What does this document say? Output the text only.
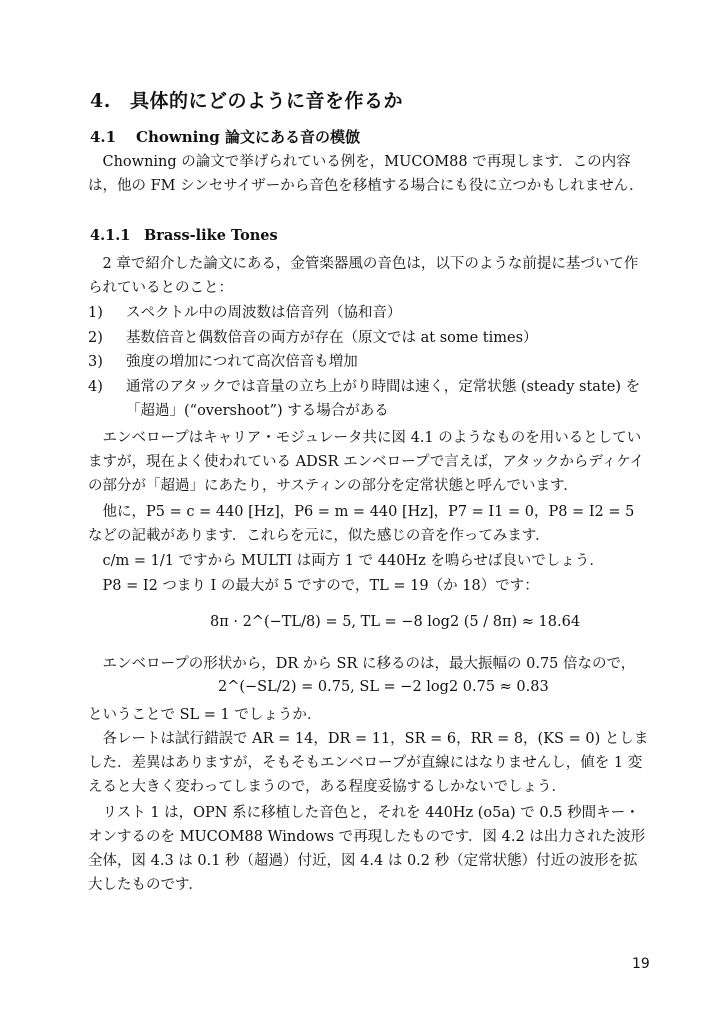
4. 具体的にどのように音を作るか
4.1 Chowning 論文にある音の模倣

Chowning の論文で挙げられている例を，MUCOM88 で再現します．この内容は，他の FM シンセサイザーから音色を移植する場合にも役に立つかもしれません．

4.1.1 Brass-like Tones

2 章で紹介した論文にある，金管楽器風の音色は，以下のような前提に基づいて作られているとのこと：

1) スペクトル中の周波数は倍音列（協和音）
2) 基数倍音と偶数倍音の両方が存在（原文では at some times）
3) 強度の増加につれて高次倍音も増加
4) 通常のアタックでは音量の立ち上がり時間は速く，定常状態 (steady state) を「超過」(“overshoot”) する場合がある

エンベロープはキャリア・モジュレータ共に図 4.1 のようなものを用いるとしていますが，現在よく使われている ADSR エンベロープで言えば，アタックからディケイの部分が「超過」にあたり，サスティンの部分を定常状態と呼んでいます．

他に，P5 = c = 440 [Hz]，P6 = m = 440 [Hz]，P7 = I1 = 0，P8 = I2 = 5 などの記載があります．これらを元に，似た感じの音を作ってみます．

c/m = 1/1 ですから MULTI は両方 1 で 440Hz を鳴らせば良いでしょう．

P8 = I2 つまり I の最大が 5 ですので，TL = 19（か 18）です：

8π · 2^(−TL/8) = 5, TL = −8 log2 (5 / 8π) ≈ 18.64

エンベロープの形状から，DR から SR に移るのは，最大振幅の 0.75 倍なので，

2^(−SL/2) = 0.75, SL = −2 log2 0.75 ≈ 0.83

ということで SL = 1 でしょうか．

各レートは試行錯誤で AR = 14，DR = 11，SR = 6，RR = 8，(KS = 0) としました．差異はありますが，そもそもエンベロープが直線にはなりませんし，値を 1 変えると大きく変わってしまうので，ある程度妥協するしかないでしょう．

リスト 1 は，OPN 系に移植した音色と，それを 440Hz (o5a) で 0.5 秒間キー・オンするのを MUCOM88 Windows で再現したものです．図 4.2 は出力された波形全体，図 4.3 は 0.1 秒（超過）付近，図 4.4 は 0.2 秒（定常状態）付近の波形を拡大したものです．

19
